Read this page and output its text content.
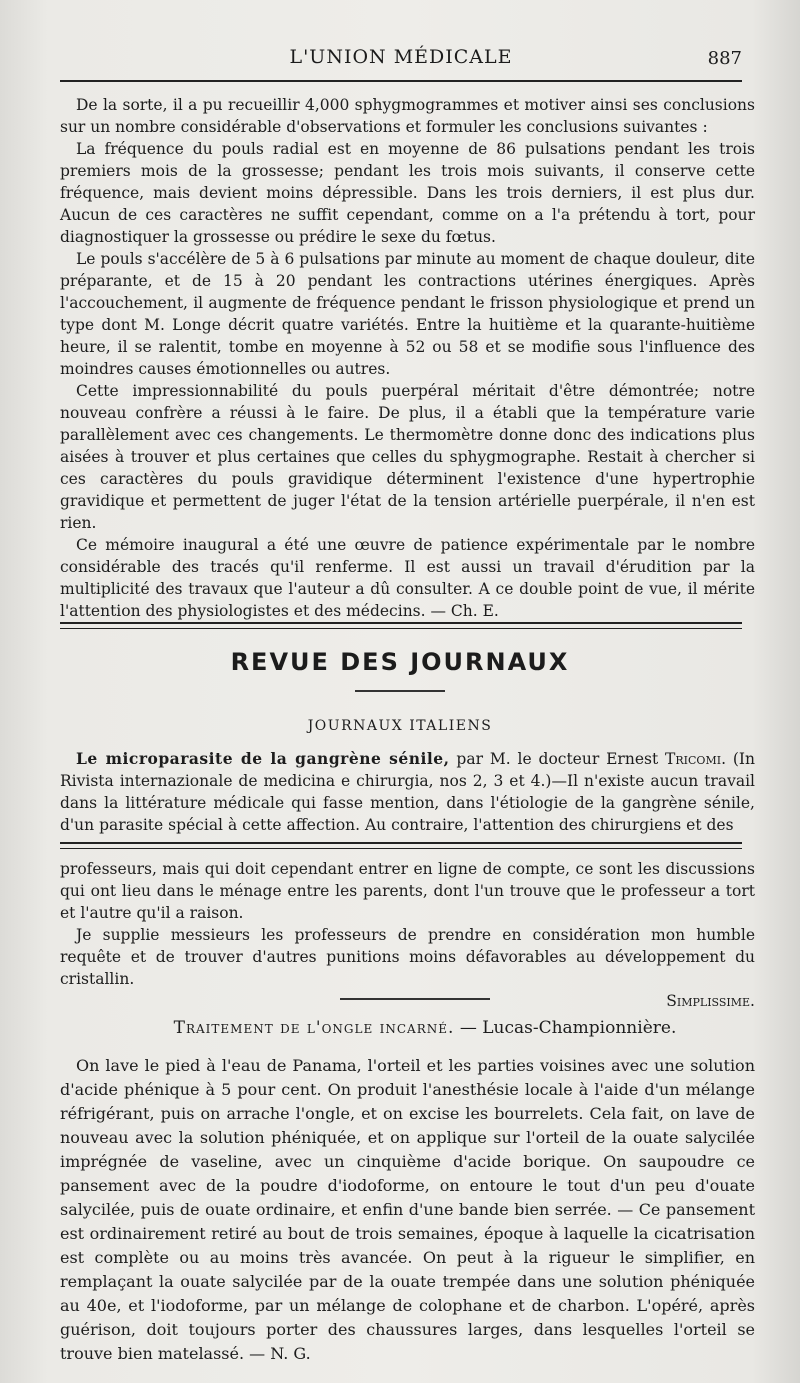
L'UNION MÉDICALE	887

De la sorte, il a pu recueillir 4,000 sphygmogrammes et motiver ainsi ses conclusions sur un nombre considérable d'observations et formuler les conclusions suivantes :

La fréquence du pouls radial est en moyenne de 86 pulsations pendant les trois premiers mois de la grossesse; pendant les trois mois suivants, il conserve cette fréquence, mais devient moins dépressible. Dans les trois derniers, il est plus dur. Aucun de ces caractères ne suffit cependant, comme on a l'a prétendu à tort, pour diagnostiquer la grossesse ou prédire le sexe du fœtus.

Le pouls s'accélère de 5 à 6 pulsations par minute au moment de chaque douleur, dite préparante, et de 15 à 20 pendant les contractions utérines énergiques. Après l'accouchement, il augmente de fréquence pendant le frisson physiologique et prend un type dont M. Longe décrit quatre variétés. Entre la huitième et la quarante-huitième heure, il se ralentit, tombe en moyenne à 52 ou 58 et se modifie sous l'influence des moindres causes émotionnelles ou autres.

Cette impressionnabilité du pouls puerpéral méritait d'être démontrée; notre nouveau confrère a réussi à le faire. De plus, il a établi que la température varie parallèlement avec ces changements. Le thermomètre donne donc des indications plus aisées à trouver et plus certaines que celles du sphygmographe. Restait à chercher si ces caractères du pouls gravidique déterminent l'existence d'une hypertrophie gravidique et permettent de juger l'état de la tension artérielle puerpérale, il n'en est rien.

Ce mémoire inaugural a été une œuvre de patience expérimentale par le nombre considérable des tracés qu'il renferme. Il est aussi un travail d'érudition par la multiplicité des travaux que l'auteur a dû consulter. A ce double point de vue, il mérite l'attention des physiologistes et des médecins. — Ch. E.

REVUE DES JOURNAUX
JOURNAUX ITALIENS

Le microparasite de la gangrène sénile, par M. le docteur Ernest Tricomi. (In Rivista internazionale de medicina e chirurgia, nos 2, 3 et 4.)—Il n'existe aucun travail dans la littérature médicale qui fasse mention, dans l'étiologie de la gangrène sénile, d'un parasite spécial à cette affection. Au contraire, l'attention des chirurgiens et des

professeurs, mais qui doit cependant entrer en ligne de compte, ce sont les discussions qui ont lieu dans le ménage entre les parents, dont l'un trouve que le professeur a tort et l'autre qu'il a raison.

Je supplie messieurs les professeurs de prendre en considération mon humble requête et de trouver d'autres punitions moins défavorables au développement du cristallin.

Simplissime.

Traitement de l'ongle incarné. — Lucas-Championnière.

On lave le pied à l'eau de Panama, l'orteil et les parties voisines avec une solution d'acide phénique à 5 pour cent. On produit l'anesthésie locale à l'aide d'un mélange réfrigérant, puis on arrache l'ongle, et on excise les bourrelets. Cela fait, on lave de nouveau avec la solution phéniquée, et on applique sur l'orteil de la ouate salycilée imprégnée de vaseline, avec un cinquième d'acide borique. On saupoudre ce pansement avec de la poudre d'iodoforme, on entoure le tout d'un peu d'ouate salycilée, puis de ouate ordinaire, et enfin d'une bande bien serrée. — Ce pansement est ordinairement retiré au bout de trois semaines, époque à laquelle la cicatrisation est complète ou au moins très avancée. On peut à la rigueur le simplifier, en remplaçant la ouate salycilée par de la ouate trempée dans une solution phéniquée au 40e, et l'iodoforme, par un mélange de colophane et de charbon. L'opéré, après guérison, doit toujours porter des chaussures larges, dans lesquelles l'orteil se trouve bien matelassé. — N. G.
